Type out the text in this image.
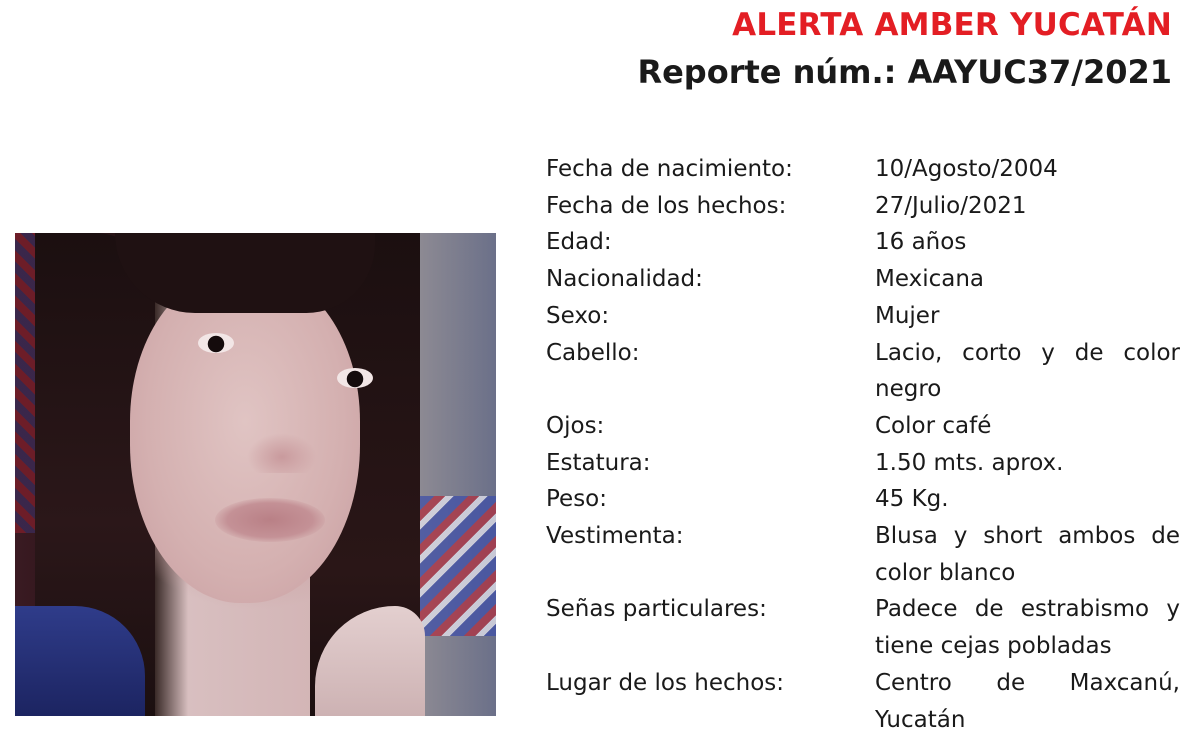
ALERTA AMBER YUCATÁN
Reporte núm.: AAYUC37/2021
Fecha de nacimiento:	10/Agosto/2004
Fecha de los hechos:	27/Julio/2021
Edad:	16 años
Nacionalidad:	Mexicana
Sexo:	Mujer
Cabello:	Lacio, corto y de color negro
Ojos:	Color café
Estatura:	1.50 mts. aprox.
Peso:	45 Kg.
Vestimenta:	Blusa y short ambos de color blanco
Señas particulares:	Padece de estrabismo y tiene cejas pobladas
Lugar de los hechos:	Centro de Maxcanú, Yucatán
